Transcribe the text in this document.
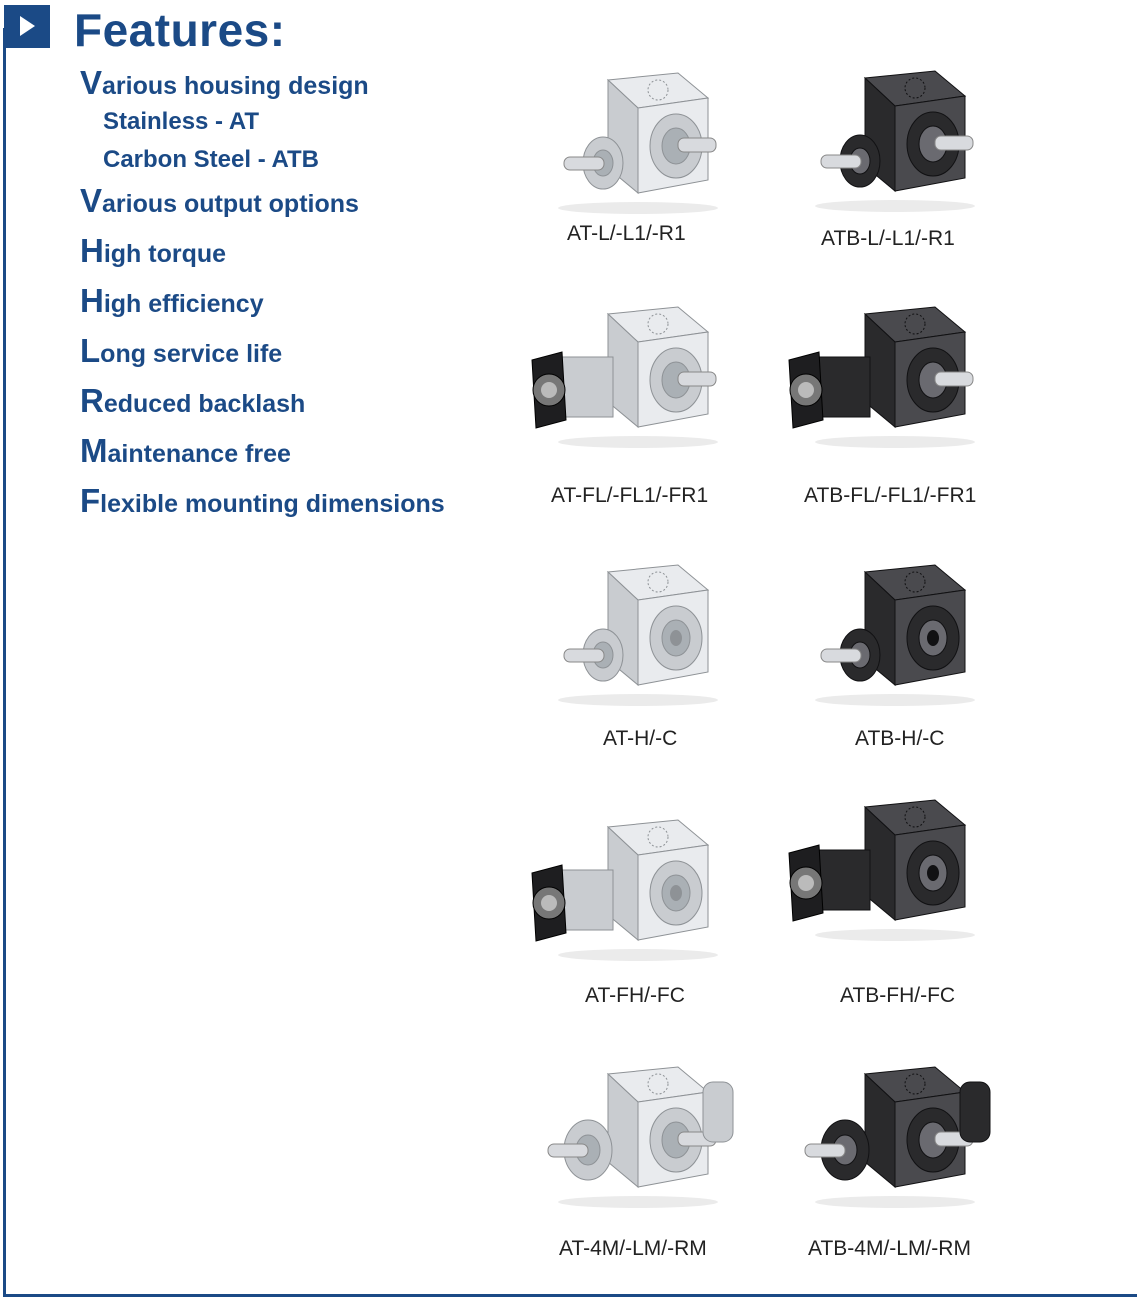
Features:
Various housing design
Stainless - AT
Carbon Steel - ATB
Various output options
High torque
High efficiency
Long service life
Reduced backlash
Maintenance free
Flexible mounting dimensions
AT-L/-L1/-R1	ATB-L/-L1/-R1
AT-FL/-FL1/-FR1	ATB-FL/-FL1/-FR1
AT-H/-C	ATB-H/-C
AT-FH/-FC	ATB-FH/-FC
AT-4M/-LM/-RM	ATB-4M/-LM/-RM
